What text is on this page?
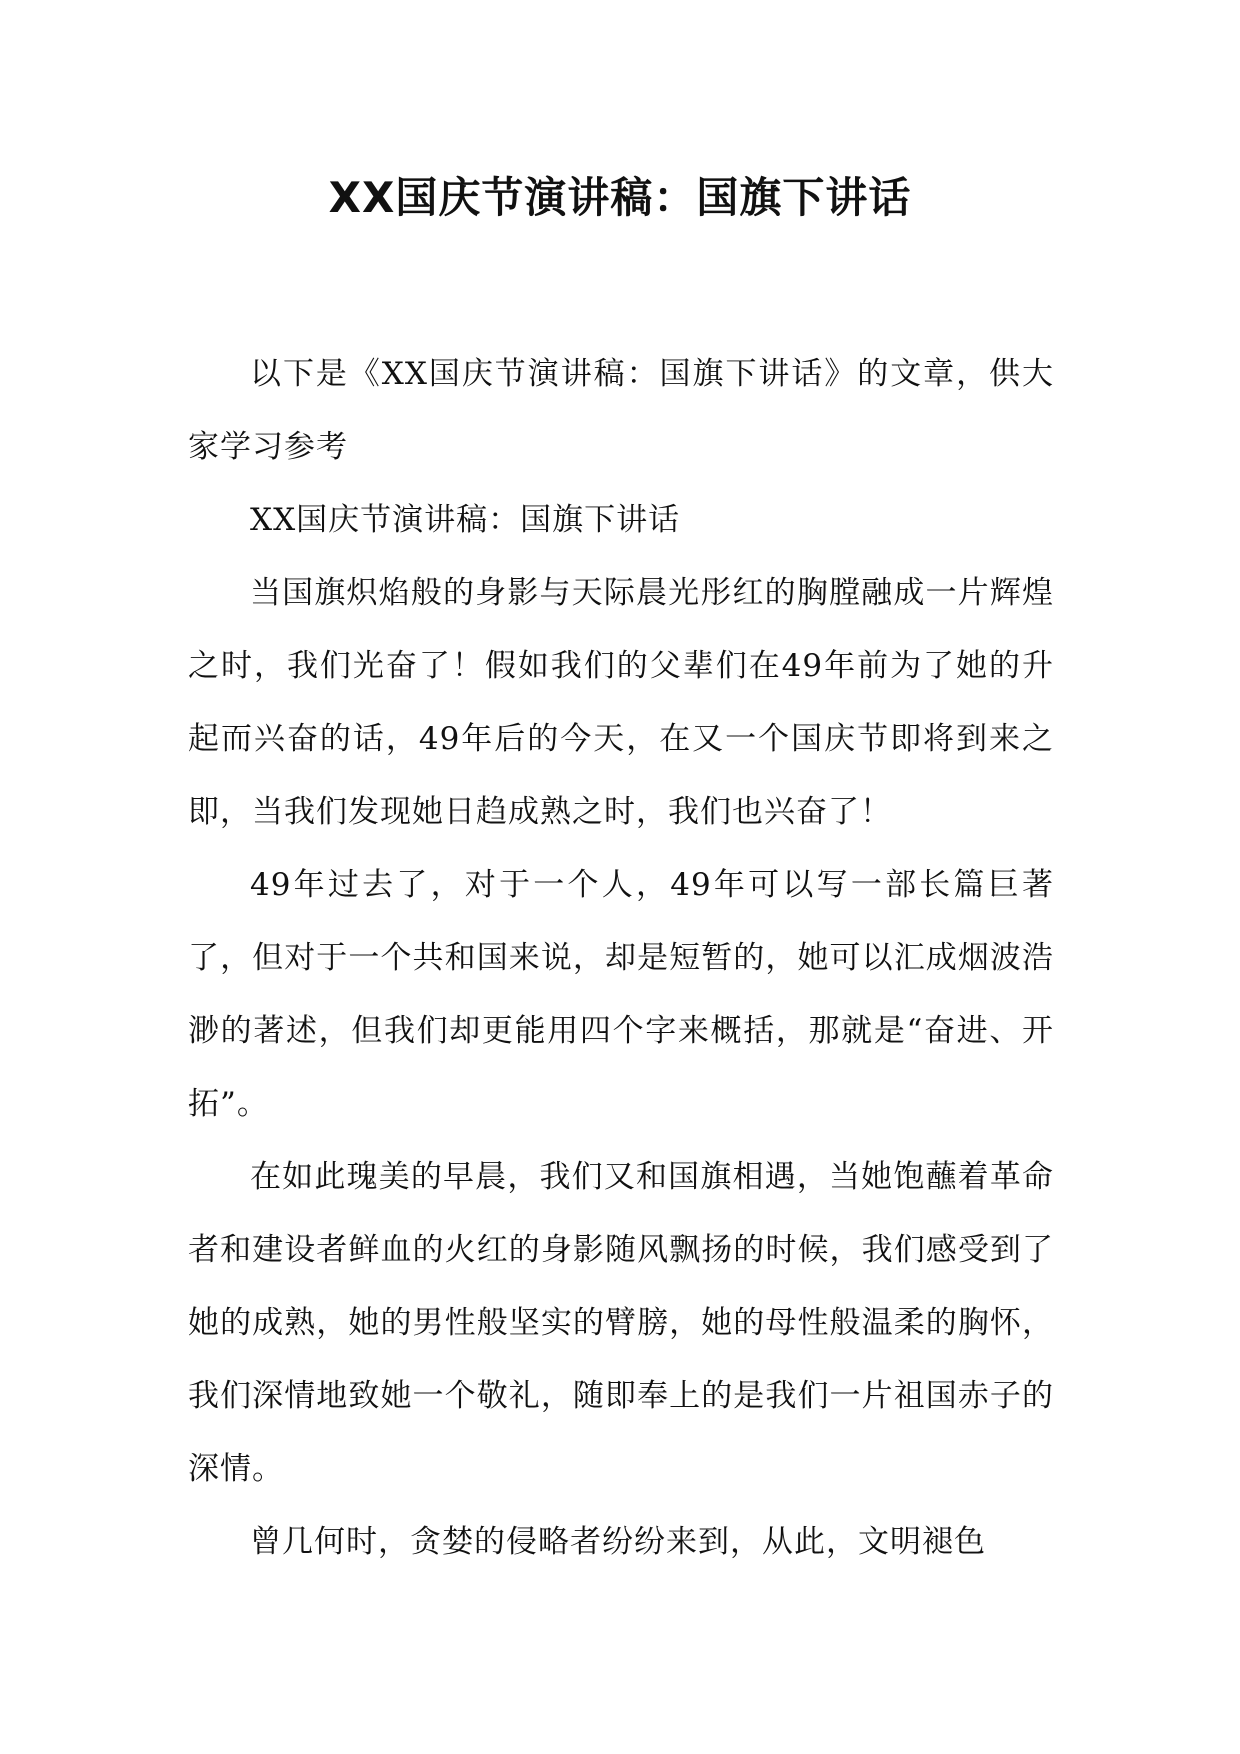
XX国庆节演讲稿：国旗下讲话

以下是《XX国庆节演讲稿：国旗下讲话》的文章，供大家学习参考

XX国庆节演讲稿：国旗下讲话

当国旗炽焰般的身影与天际晨光彤红的胸膛融成一片辉煌之时，我们光奋了！假如我们的父辈们在49年前为了她的升起而兴奋的话，49年后的今天，在又一个国庆节即将到来之即，当我们发现她日趋成熟之时，我们也兴奋了！

49年过去了，对于一个人，49年可以写一部长篇巨著了，但对于一个共和国来说，却是短暂的，她可以汇成烟波浩渺的著述，但我们却更能用四个字来概括，那就是“奋进、开拓”。

在如此瑰美的早晨，我们又和国旗相遇，当她饱蘸着革命者和建设者鲜血的火红的身影随风飘扬的时候，我们感受到了她的成熟，她的男性般坚实的臂膀，她的母性般温柔的胸怀，我们深情地致她一个敬礼，随即奉上的是我们一片祖国赤子的深情。

曾几何时，贪婪的侵略者纷纷来到，从此，文明褪色
